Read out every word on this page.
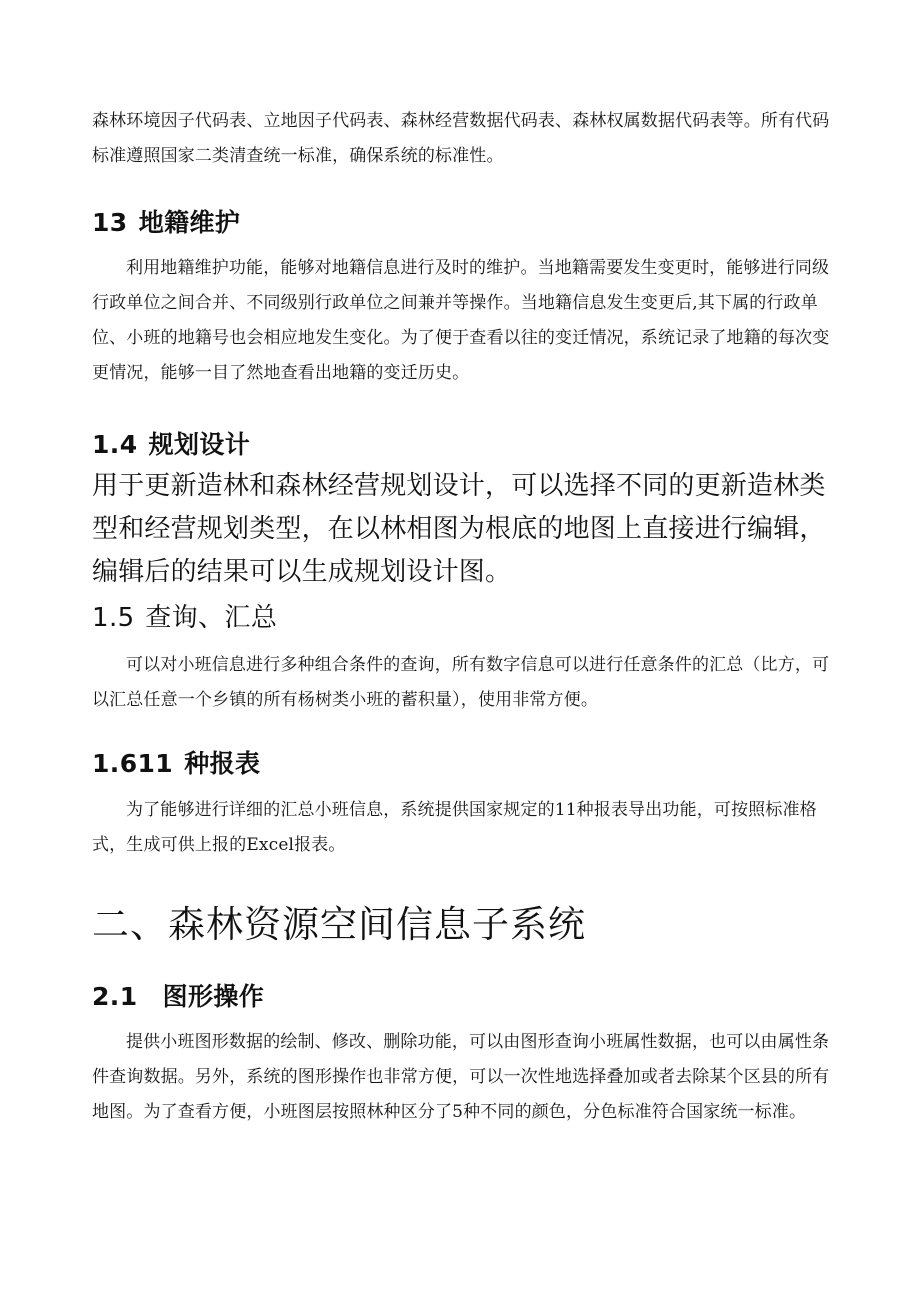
森林环境因子代码表、立地因子代码表、森林经营数据代码表、森林权属数据代码表等。所有代码标准遵照国家二类清查统一标准，确保系统的标准性。

13 地籍维护

利用地籍维护功能，能够对地籍信息进行及时的维护。当地籍需要发生变更时，能够进行同级行政单位之间合并、不同级别行政单位之间兼并等操作。当地籍信息发生变更后,其下属的行政单位、小班的地籍号也会相应地发生变化。为了便于查看以往的变迁情况，系统记录了地籍的每次变更情况，能够一目了然地查看出地籍的变迁历史。

1.4 规划设计

用于更新造林和森林经营规划设计，可以选择不同的更新造林类型和经营规划类型，在以林相图为根底的地图上直接进行编辑，编辑后的结果可以生成规划设计图。

1.5 查询、汇总

可以对小班信息进行多种组合条件的查询，所有数字信息可以进行任意条件的汇总（比方，可以汇总任意一个乡镇的所有杨树类小班的蓄积量），使用非常方便。

1.611 种报表

为了能够进行详细的汇总小班信息，系统提供国家规定的11种报表导出功能，可按照标准格式，生成可供上报的Excel报表。

二、森林资源空间信息子系统
2.1 图形操作

提供小班图形数据的绘制、修改、删除功能，可以由图形查询小班属性数据，也可以由属性条件查询数据。另外，系统的图形操作也非常方便，可以一次性地选择叠加或者去除某个区县的所有地图。为了查看方便，小班图层按照林种区分了5种不同的颜色，分色标准符合国家统一标准。
